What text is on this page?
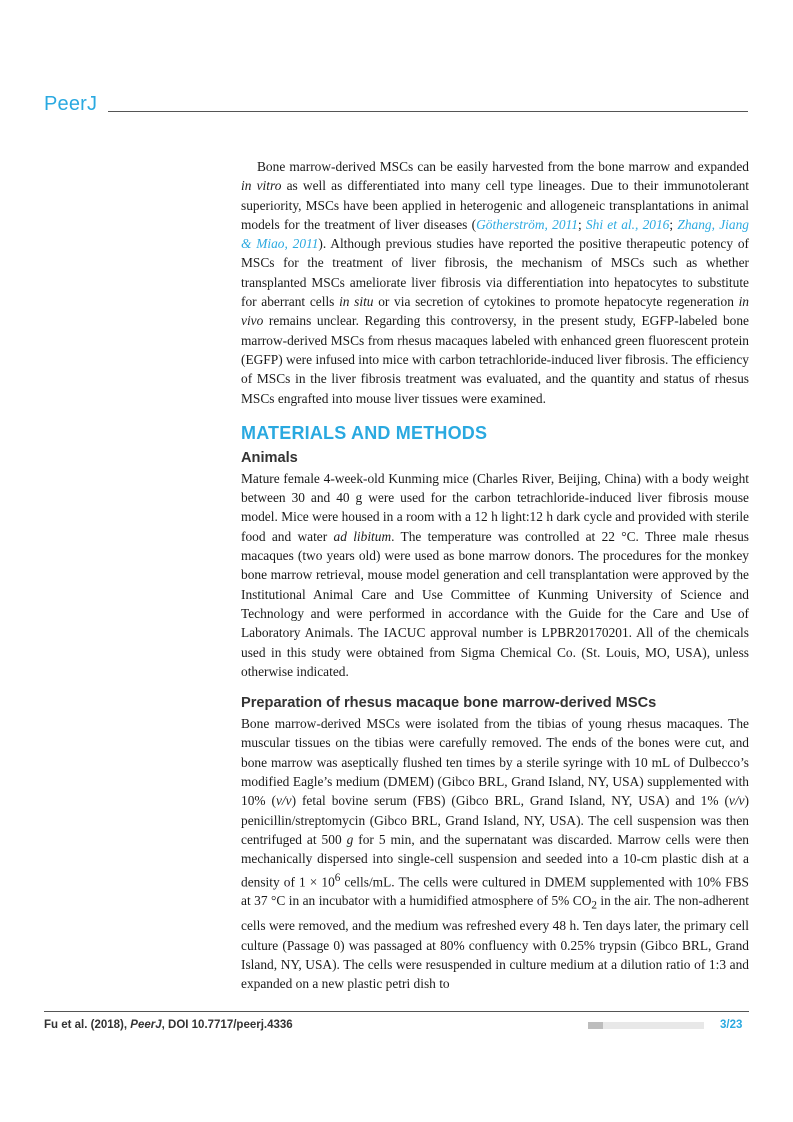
PeerJ

Bone marrow-derived MSCs can be easily harvested from the bone marrow and expanded in vitro as well as differentiated into many cell type lineages. Due to their immunotolerant superiority, MSCs have been applied in heterogenic and allogeneic transplantations in animal models for the treatment of liver diseases (Götherström, 2011; Shi et al., 2016; Zhang, Jiang & Miao, 2011). Although previous studies have reported the positive therapeutic potency of MSCs for the treatment of liver fibrosis, the mechanism of MSCs such as whether transplanted MSCs ameliorate liver fibrosis via differentiation into hepatocytes to substitute for aberrant cells in situ or via secretion of cytokines to promote hepatocyte regeneration in vivo remains unclear. Regarding this controversy, in the present study, EGFP-labeled bone marrow-derived MSCs from rhesus macaques labeled with enhanced green fluorescent protein (EGFP) were infused into mice with carbon tetrachloride-induced liver fibrosis. The efficiency of MSCs in the liver fibrosis treatment was evaluated, and the quantity and status of rhesus MSCs engrafted into mouse liver tissues were examined.

MATERIALS AND METHODS
Animals

Mature female 4-week-old Kunming mice (Charles River, Beijing, China) with a body weight between 30 and 40 g were used for the carbon tetrachloride-induced liver fibrosis mouse model. Mice were housed in a room with a 12 h light:12 h dark cycle and provided with sterile food and water ad libitum. The temperature was controlled at 22 °C. Three male rhesus macaques (two years old) were used as bone marrow donors. The procedures for the monkey bone marrow retrieval, mouse model generation and cell transplantation were approved by the Institutional Animal Care and Use Committee of Kunming University of Science and Technology and were performed in accordance with the Guide for the Care and Use of Laboratory Animals. The IACUC approval number is LPBR20170201. All of the chemicals used in this study were obtained from Sigma Chemical Co. (St. Louis, MO, USA), unless otherwise indicated.

Preparation of rhesus macaque bone marrow-derived MSCs

Bone marrow-derived MSCs were isolated from the tibias of young rhesus macaques. The muscular tissues on the tibias were carefully removed. The ends of the bones were cut, and bone marrow was aseptically flushed ten times by a sterile syringe with 10 mL of Dulbecco’s modified Eagle’s medium (DMEM) (Gibco BRL, Grand Island, NY, USA) supplemented with 10% (v/v) fetal bovine serum (FBS) (Gibco BRL, Grand Island, NY, USA) and 1% (v/v) penicillin/streptomycin (Gibco BRL, Grand Island, NY, USA). The cell suspension was then centrifuged at 500 g for 5 min, and the supernatant was discarded. Marrow cells were then mechanically dispersed into single-cell suspension and seeded into a 10-cm plastic dish at a density of $1 \times 10^6$ cells/mL. The cells were cultured in DMEM supplemented with 10% FBS at 37 °C in an incubator with a humidified atmosphere of 5% $CO_2$ in the air. The non-adherent cells were removed, and the medium was refreshed every 48 h. Ten days later, the primary cell culture (Passage 0) was passaged at 80% confluency with 0.25% trypsin (Gibco BRL, Grand Island, NY, USA). The cells were resuspended in culture medium at a dilution ratio of 1:3 and expanded on a new plastic petri dish to

Fu et al. (2018), PeerJ, DOI 10.7717/peerj.4336	3/23
